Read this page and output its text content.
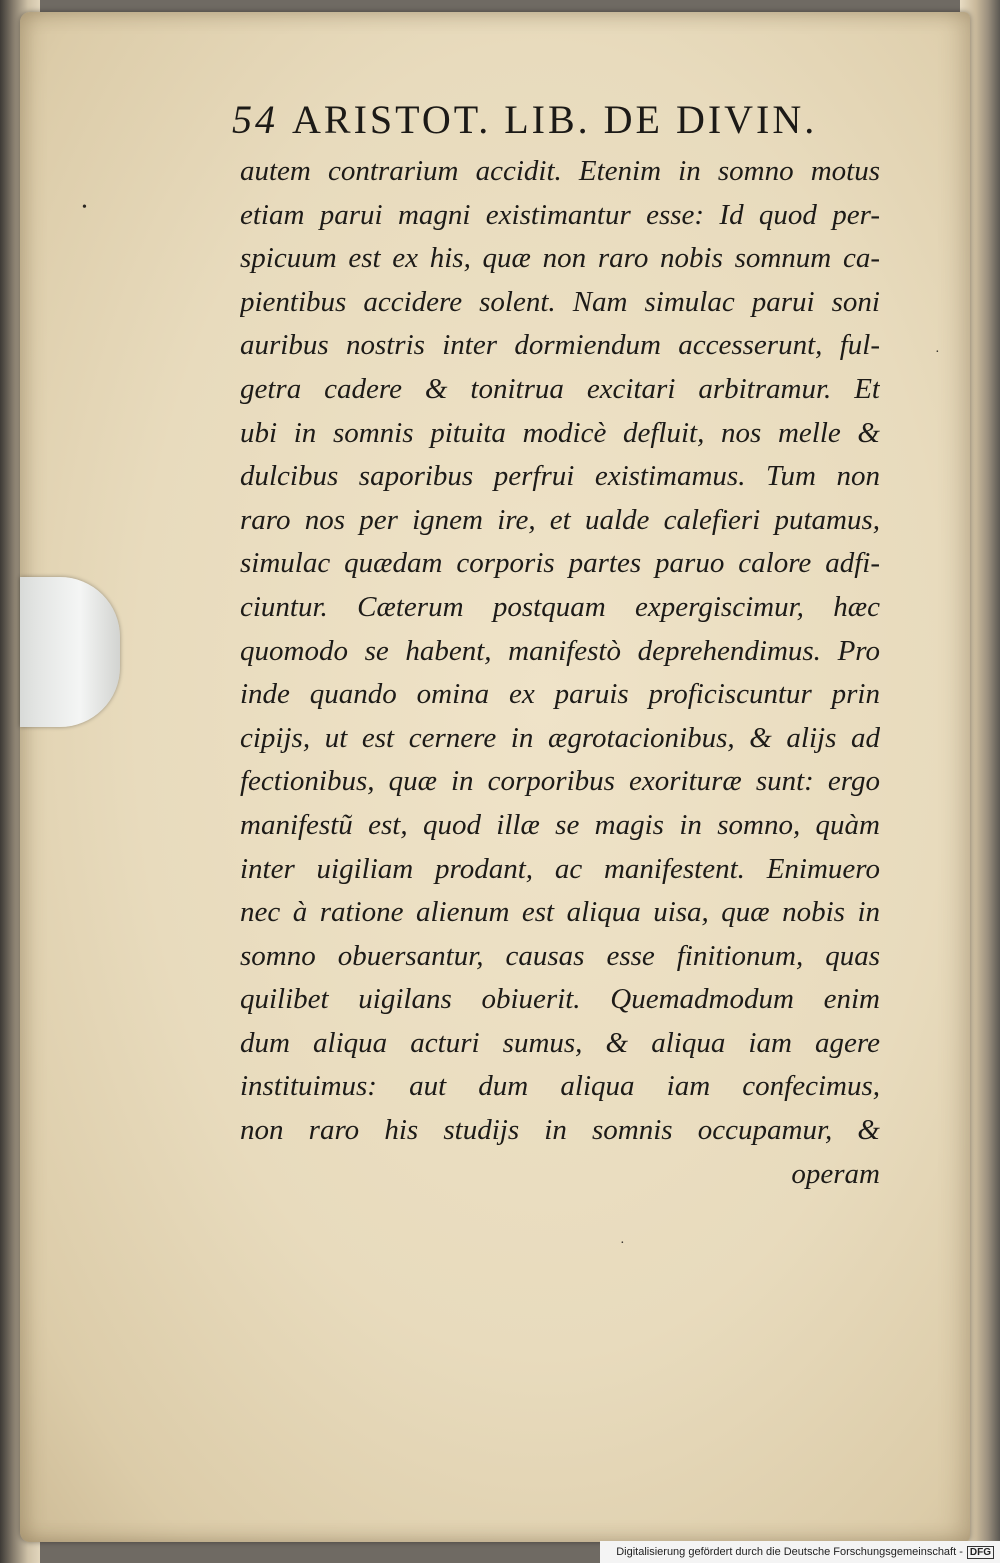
54 ARISTOT. LIB. DE DIVIN.
autem contrarium accidit. Etenim in somno motus
etiam parui magni existimantur esse: Id quod per-
spicuum est ex his, quæ non raro nobis somnum ca-
pientibus accidere solent. Nam simulac parui soni
auribus nostris inter dormiendum accesserunt, ful-
getra cadere & tonitrua excitari arbitramur. Et
ubi in somnis pituita modicè defluit, nos melle &
dulcibus saporibus perfrui existimamus. Tum non
raro nos per ignem ire, et ualde calefieri putamus,
simulac quædam corporis partes paruo calore adfi-
ciuntur. Cæterum postquam expergiscimur, hæc
quomodo se habent, manifestò deprehendimus. Pro
inde quando omina ex paruis proficiscuntur prin
cipijs, ut est cernere in ægrotacionibus, & alijs ad
fectionibus, quæ in corporibus exorituræ sunt: ergo
manifestũ est, quod illæ se magis in somno, quàm
inter uigiliam prodant, ac manifestent. Enimuero
nec à ratione alienum est aliqua uisa, quæ nobis in
somno obuersantur, causas esse finitionum, quas
quilibet uigilans obiuerit. Quemadmodum enim
dum aliqua acturi sumus, & aliqua iam agere
instituimus: aut dum aliqua iam confecimus,
non raro his studijs in somnis occupamur, &
operam
•
·
·
Digitalisierung gefördert durch die Deutsche Forschungsgemeinschaft - DFG
